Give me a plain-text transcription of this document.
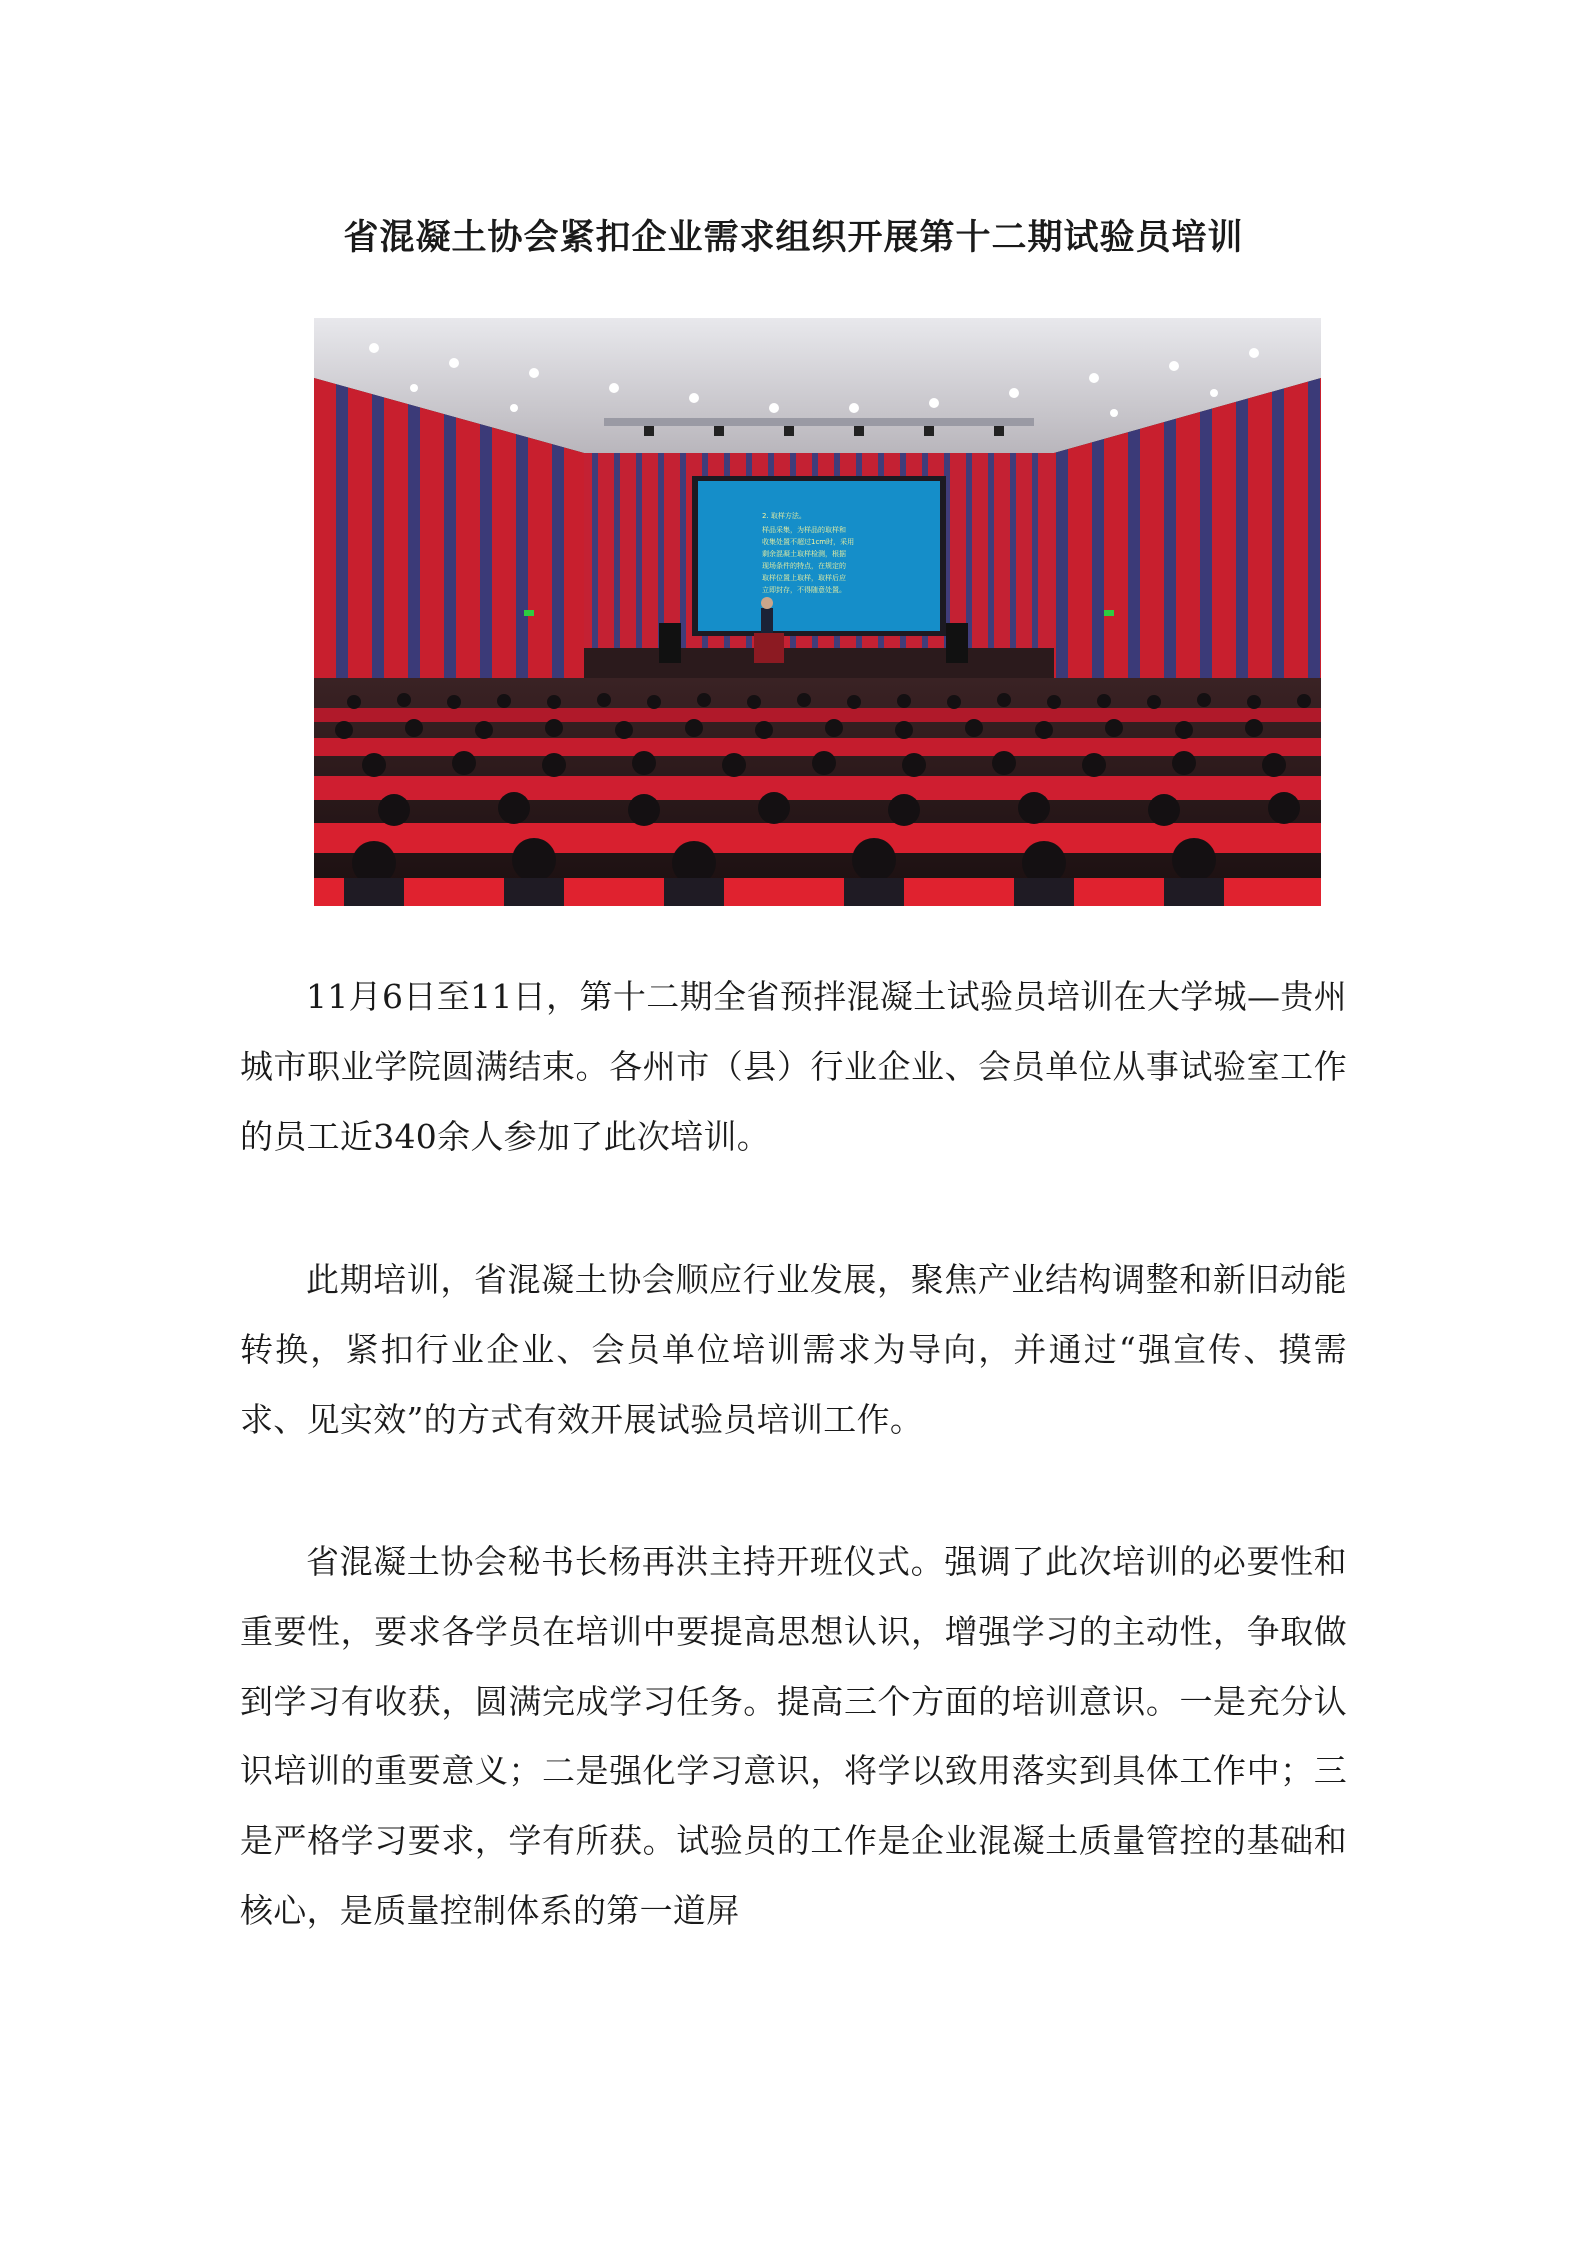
省混凝土协会紧扣企业需求组织开展第十二期试验员培训
2. 取样方法。 样品采集，为样品的取样和 收集处置不超过1cm时，采用 剩余混凝土取样检测，根据 现场条件的特点，在规定的 取样位置上取样，取样后应 立即封存，不得随意处置。

11月6日至11日，第十二期全省预拌混凝土试验员培训在大学城—贵州城市职业学院圆满结束。各州市（县）行业企业、会员单位从事试验室工作的员工近340余人参加了此次培训。

此期培训，省混凝土协会顺应行业发展，聚焦产业结构调整和新旧动能转换，紧扣行业企业、会员单位培训需求为导向，并通过“强宣传、摸需求、见实效”的方式有效开展试验员培训工作。

省混凝土协会秘书长杨再洪主持开班仪式。强调了此次培训的必要性和重要性，要求各学员在培训中要提高思想认识，增强学习的主动性，争取做到学习有收获，圆满完成学习任务。提高三个方面的培训意识。一是充分认识培训的重要意义；二是强化学习意识，将学以致用落实到具体工作中；三是严格学习要求，学有所获。试验员的工作是企业混凝土质量管控的基础和核心，是质量控制体系的第一道屏
